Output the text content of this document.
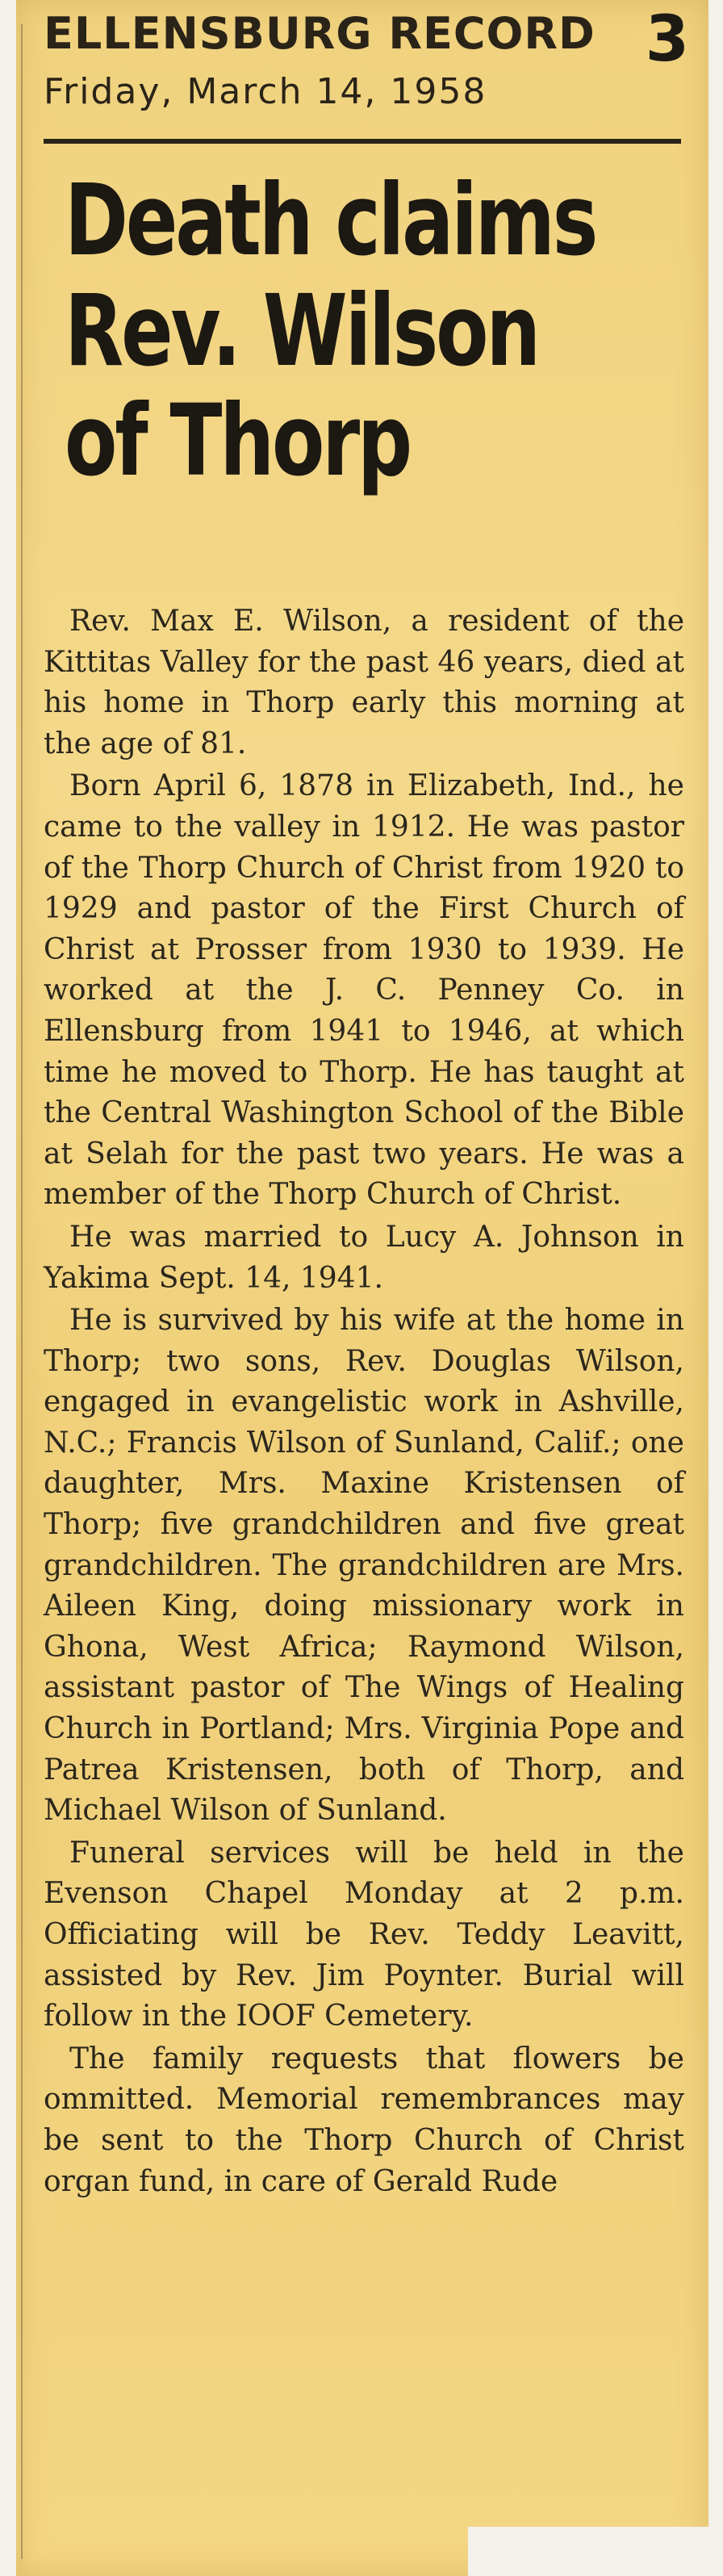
ELLENSBURG RECORD 3
Friday, March 14, 1958
Death claims
Rev. Wilson
of Thorp

Rev. Max E. Wilson, a resident of the Kittitas Valley for the past 46 years, died at his home in Thorp early this morning at the age of 81.

Born April 6, 1878 in Elizabeth, Ind., he came to the valley in 1912. He was pastor of the Thorp Church of Christ from 1920 to 1929 and pastor of the First Church of Christ at Prosser from 1930 to 1939. He worked at the J. C. Penney Co. in Ellensburg from 1941 to 1946, at which time he moved to Thorp. He has taught at the Central Washington School of the Bible at Selah for the past two years. He was a member of the Thorp Church of Christ.

He was married to Lucy A. Johnson in Yakima Sept. 14, 1941.

He is survived by his wife at the home in Thorp; two sons, Rev. Douglas Wilson, engaged in evangelistic work in Ashville, N.C.; Francis Wilson of Sunland, Calif.; one daughter, Mrs. Maxine Kristensen of Thorp; five grandchildren and five great grandchildren. The grandchildren are Mrs. Aileen King, doing missionary work in Ghona, West Africa; Raymond Wilson, assistant pastor of The Wings of Healing Church in Portland; Mrs. Virginia Pope and Patrea Kristensen, both of Thorp, and Michael Wilson of Sunland.

Funeral services will be held in the Evenson Chapel Monday at 2 p.m. Officiating will be Rev. Teddy Leavitt, assisted by Rev. Jim Poynter. Burial will follow in the IOOF Cemetery.

The family requests that flowers be ommitted. Memorial remembrances may be sent to the Thorp Church of Christ organ fund, in care of Gerald Rude
